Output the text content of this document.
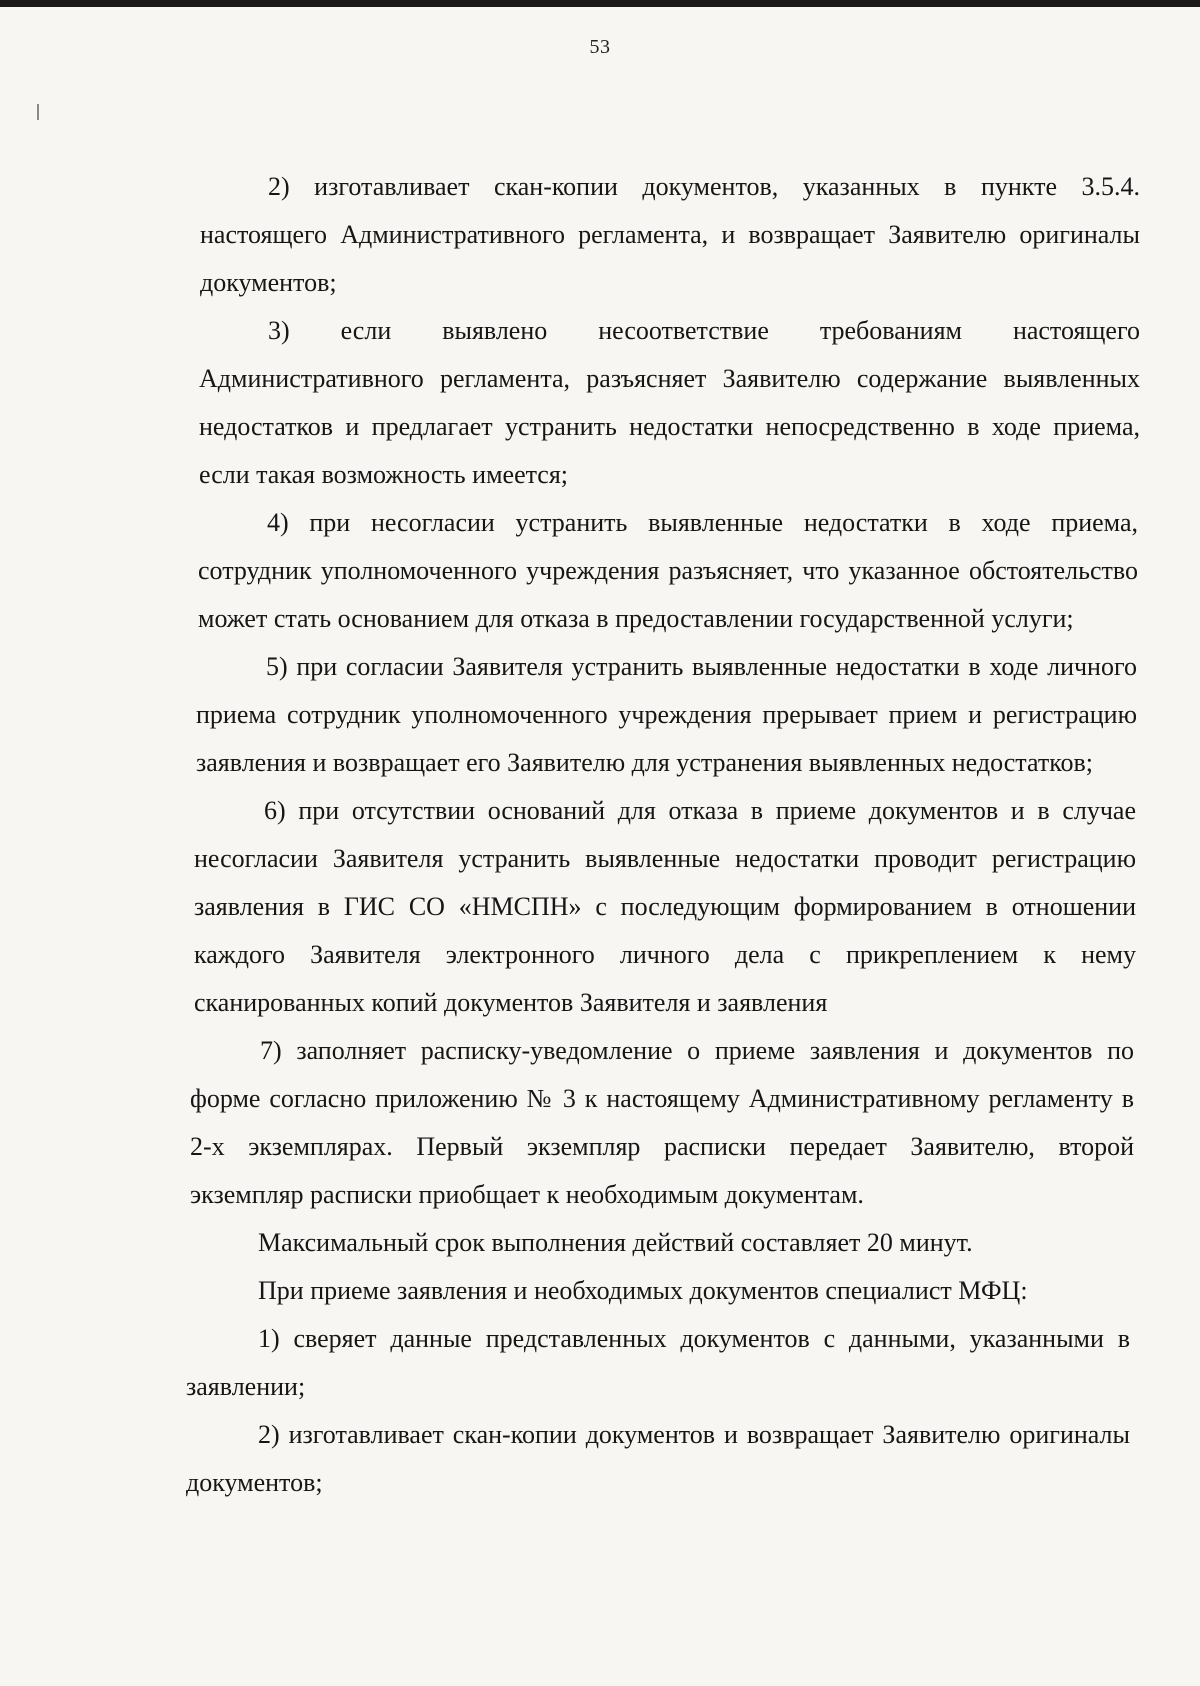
53

2) изготавливает скан-копии документов, указанных в пункте 3.5.4. настоящего Административного регламента, и возвращает Заявителю оригиналы документов;

3) если выявлено несоответствие требованиям настоящего Административного регламента, разъясняет Заявителю содержание выявленных недостатков и предлагает устранить недостатки непосредственно в ходе приема, если такая возможность имеется;

4) при несогласии устранить выявленные недостатки в ходе приема, сотрудник уполномоченного учреждения разъясняет, что указанное обстоятельство может стать основанием для отказа в предоставлении государственной услуги;

5) при согласии Заявителя устранить выявленные недостатки в ходе личного приема сотрудник уполномоченного учреждения прерывает прием и регистрацию заявления и возвращает его Заявителю для устранения выявленных недостатков;

6) при отсутствии оснований для отказа в приеме документов и в случае несогласии Заявителя устранить выявленные недостатки проводит регистрацию заявления в ГИС СО «НМСПН» с последующим формированием в отношении каждого Заявителя электронного личного дела с прикреплением к нему сканированных копий документов Заявителя и заявления

7) заполняет расписку-уведомление о приеме заявления и документов по форме согласно приложению № 3 к настоящему Административному регламенту в 2-х экземплярах. Первый экземпляр расписки передает Заявителю, второй экземпляр расписки приобщает к необходимым документам.

Максимальный срок выполнения действий составляет 20 минут.

При приеме заявления и необходимых документов специалист МФЦ:

1) сверяет данные представленных документов с данными, указанными в заявлении;

2) изготавливает скан-копии документов и возвращает Заявителю оригиналы документов;
